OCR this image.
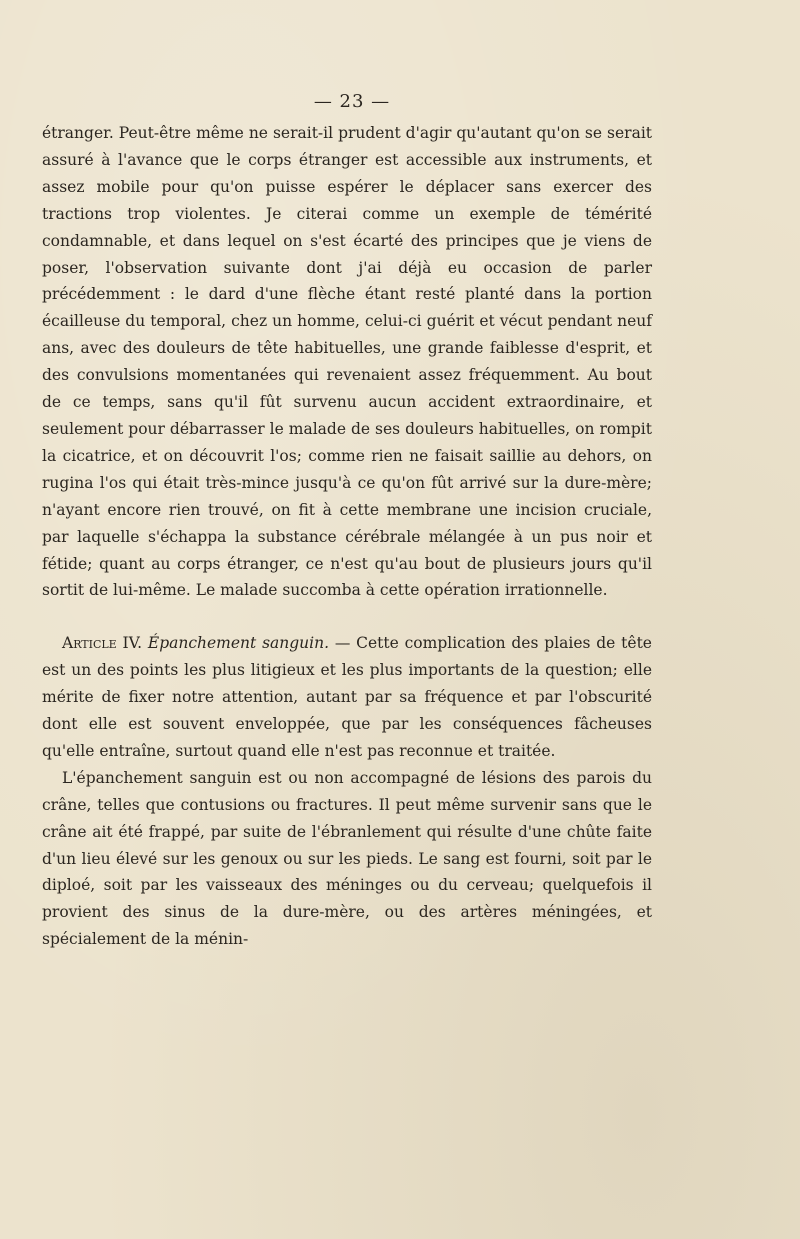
— 23 —

étranger. Peut-être même ne serait-il prudent d'agir qu'autant qu'on se serait assuré à l'avance que le corps étranger est accessible aux instruments, et assez mobile pour qu'on puisse espérer le déplacer sans exercer des tractions trop violentes. Je citerai comme un exemple de témérité condamnable, et dans lequel on s'est écarté des principes que je viens de poser, l'observation suivante dont j'ai déjà eu occasion de parler précédemment : le dard d'une flèche étant resté planté dans la portion écailleuse du temporal, chez un homme, celui-ci guérit et vécut pendant neuf ans, avec des douleurs de tête habituelles, une grande faiblesse d'esprit, et des convulsions momentanées qui revenaient assez fréquemment. Au bout de ce temps, sans qu'il fût survenu aucun accident extraordinaire, et seulement pour débarrasser le malade de ses douleurs habituelles, on rompit la cicatrice, et on découvrit l'os; comme rien ne faisait saillie au dehors, on rugina l'os qui était très-mince jusqu'à ce qu'on fût arrivé sur la dure-mère; n'ayant encore rien trouvé, on fit à cette membrane une incision cruciale, par laquelle s'échappa la substance cérébrale mélangée à un pus noir et fétide; quant au corps étranger, ce n'est qu'au bout de plusieurs jours qu'il sortit de lui-même. Le malade succomba à cette opération irrationnelle.

Article IV. Épanchement sanguin. — Cette complication des plaies de tête est un des points les plus litigieux et les plus importants de la question; elle mérite de fixer notre attention, autant par sa fréquence et par l'obscurité dont elle est souvent enveloppée, que par les conséquences fâcheuses qu'elle entraîne, surtout quand elle n'est pas reconnue et traitée.

L'épanchement sanguin est ou non accompagné de lésions des parois du crâne, telles que contusions ou fractures. Il peut même survenir sans que le crâne ait été frappé, par suite de l'ébranlement qui résulte d'une chûte faite d'un lieu élevé sur les genoux ou sur les pieds. Le sang est fourni, soit par le diploé, soit par les vaisseaux des méninges ou du cerveau; quelquefois il provient des sinus de la dure-mère, ou des artères méningées, et spécialement de la ménin-
